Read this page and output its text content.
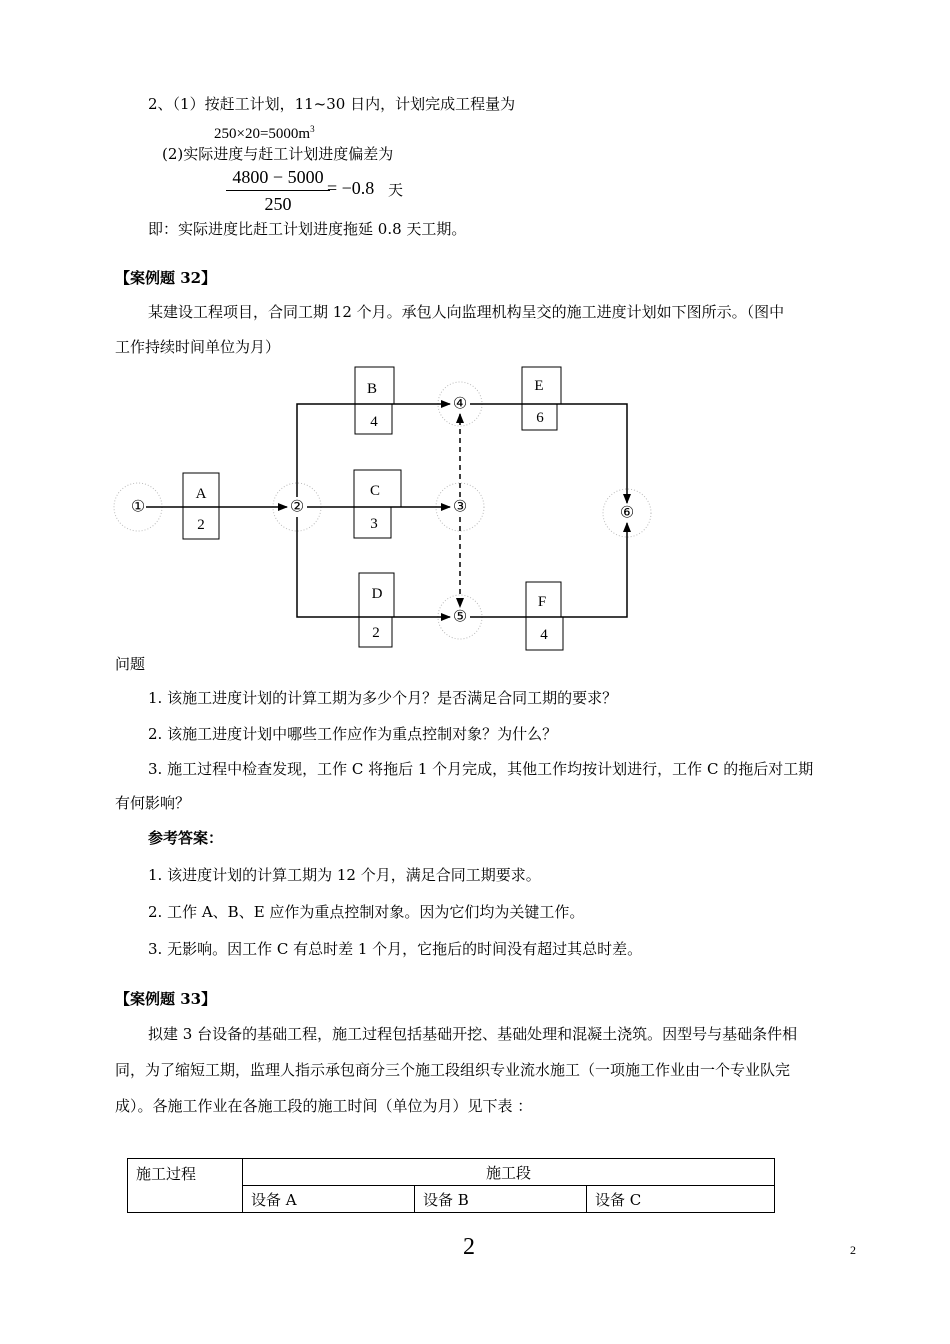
2、（1）按赶工计划，11~30 日内，计划完成工程量为
$250\times 20=5000m^3$
(2)实际进度与赶工计划进度偏差为
4800 − 5000
250
= −0.8 天
即：实际进度比赶工计划进度拖延 0.8 天工期。
【案例题 32】
某建设工程项目，合同工期 12 个月。承包人向监理机构呈交的施工进度计划如下图所示。（图中
工作持续时间单位为月）
①	②	③
④
⑤
⑥
A
2
B
4
C
3
D
2
E
6
F
4
问题
1. 该施工进度计划的计算工期为多少个月？是否满足合同工期的要求？
2. 该施工进度计划中哪些工作应作为重点控制对象？为什么？
3. 施工过程中检查发现，工作 C 将拖后 1 个月完成，其他工作均按计划进行，工作 C 的拖后对工期
有何影响？
参考答案：
1. 该进度计划的计算工期为 12 个月，满足合同工期要求。
2. 工作 A、B、E 应作为重点控制对象。因为它们均为关键工作。
3. 无影响。因工作 C 有总时差 1 个月，它拖后的时间没有超过其总时差。
【案例题 33】
拟建 3 台设备的基础工程，施工过程包括基础开挖、基础处理和混凝土浇筑。因型号与基础条件相
同，为了缩短工期，监理人指示承包商分三个施工段组织专业流水施工（一项施工作业由一个专业队完
成）。各施工作业在各施工段的施工时间（单位为月）见下表 ：
施工过程	施工段		
	设备 A	设备 B	设备 C
2	2
